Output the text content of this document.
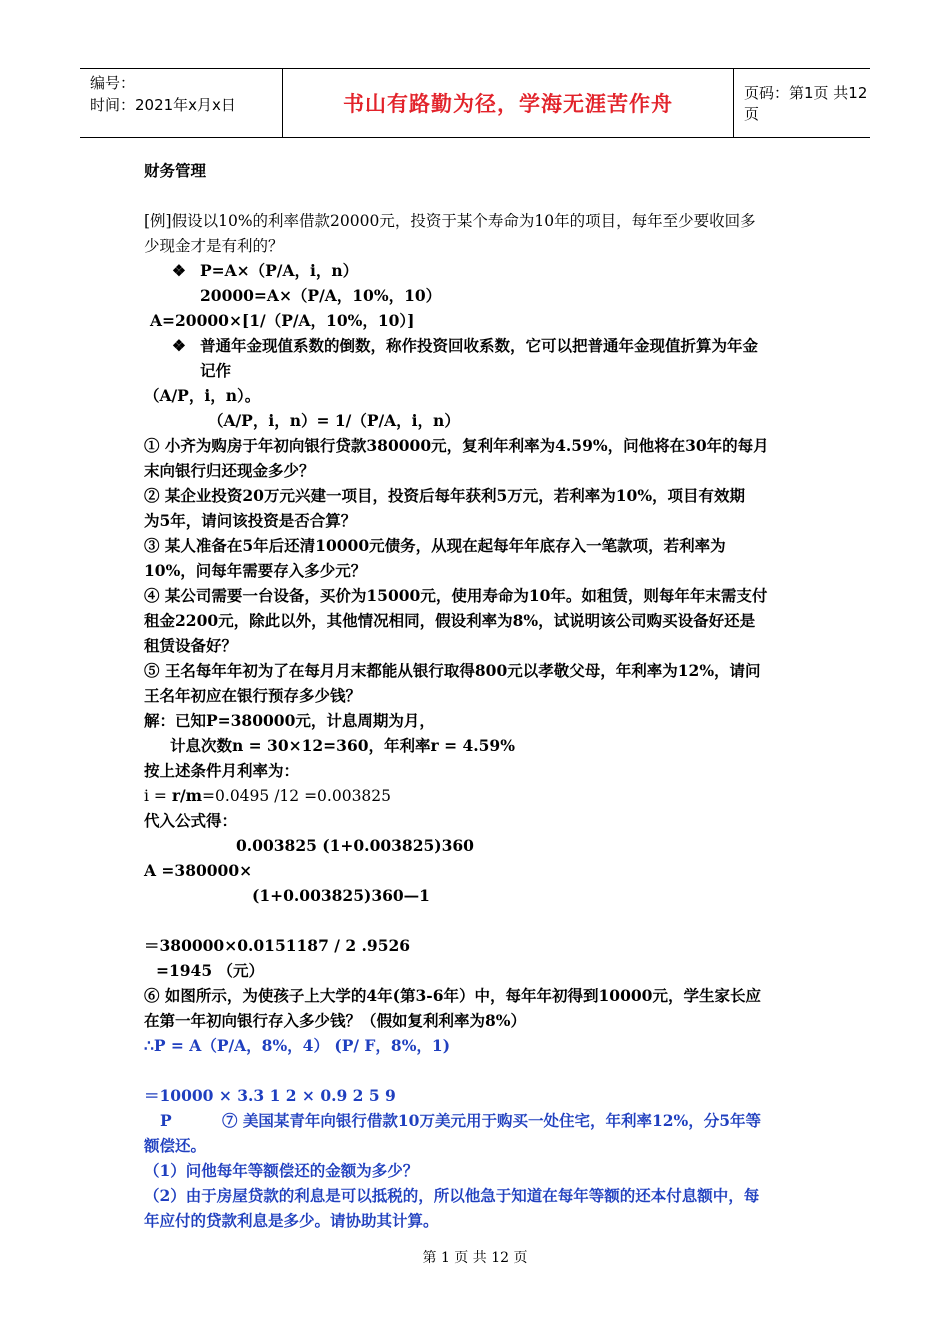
编号：
时间：2021年x月x日	书山有路勤为径，学海无涯苦作舟	页码：第1页 共12页
财务管理
[例]假设以10%的利率借款20000元，投资于某个寿命为10年的项目，每年至少要收回多
少现金才是有利的？
❖ P=A×（P/A，i，n）
20000=A×（P/A，10%，10）
A=20000×[1/（P/A，10%，10）]
❖ 普通年金现值系数的倒数，称作投资回收系数，它可以把普通年金现值折算为年金
记作
（A/P，i，n）。
（A/P，i，n）= 1/（P/A，i，n）
① 小齐为购房于年初向银行贷款380000元，复利年利率为4.59%，问他将在30年的每月
末向银行归还现金多少？
② 某企业投资20万元兴建一项目，投资后每年获利5万元，若利率为10%，项目有效期
为5年，请问该投资是否合算？
③ 某人准备在5年后还清10000元债务，从现在起每年年底存入一笔款项，若利率为
10%，问每年需要存入多少元？
④ 某公司需要一台设备，买价为15000元，使用寿命为10年。如租赁，则每年年末需支付
租金2200元，除此以外，其他情况相同，假设利率为8%，试说明该公司购买设备好还是
租赁设备好？
⑤ 王名每年年初为了在每月月末都能从银行取得800元以孝敬父母，年利率为12%，请问
王名年初应在银行预存多少钱？
解：已知P=380000元，计息周期为月，
计息次数n = 30×12=360，年利率r = 4.59%
按上述条件月利率为：
i = r/m=0.0495 /12 =0.003825
代入公式得：
0.003825 (1+0.003825)360
A =380000×
(1+0.003825)360—1
＝380000×0.0151187 / 2 .9526
=1945 （元）
⑥ 如图所示，为使孩子上大学的4年(第3-6年）中，每年年初得到10000元，学生家长应
在第一年初向银行存入多少钱？（假如复利利率为8%）
∴P = A（P/A，8%，4） (P/ F，8%，1)
＝10000 × 3.3 1 2 × 0.9 2 5 9
P	⑦ 美国某青年向银行借款10万美元用于购买一处住宅，年利率12%，分5年等
额偿还。
（1）问他每年等额偿还的金额为多少？
（2）由于房屋贷款的利息是可以抵税的，所以他急于知道在每年等额的还本付息额中，每
年应付的贷款利息是多少。请协助其计算。
第 1 页 共 12 页
